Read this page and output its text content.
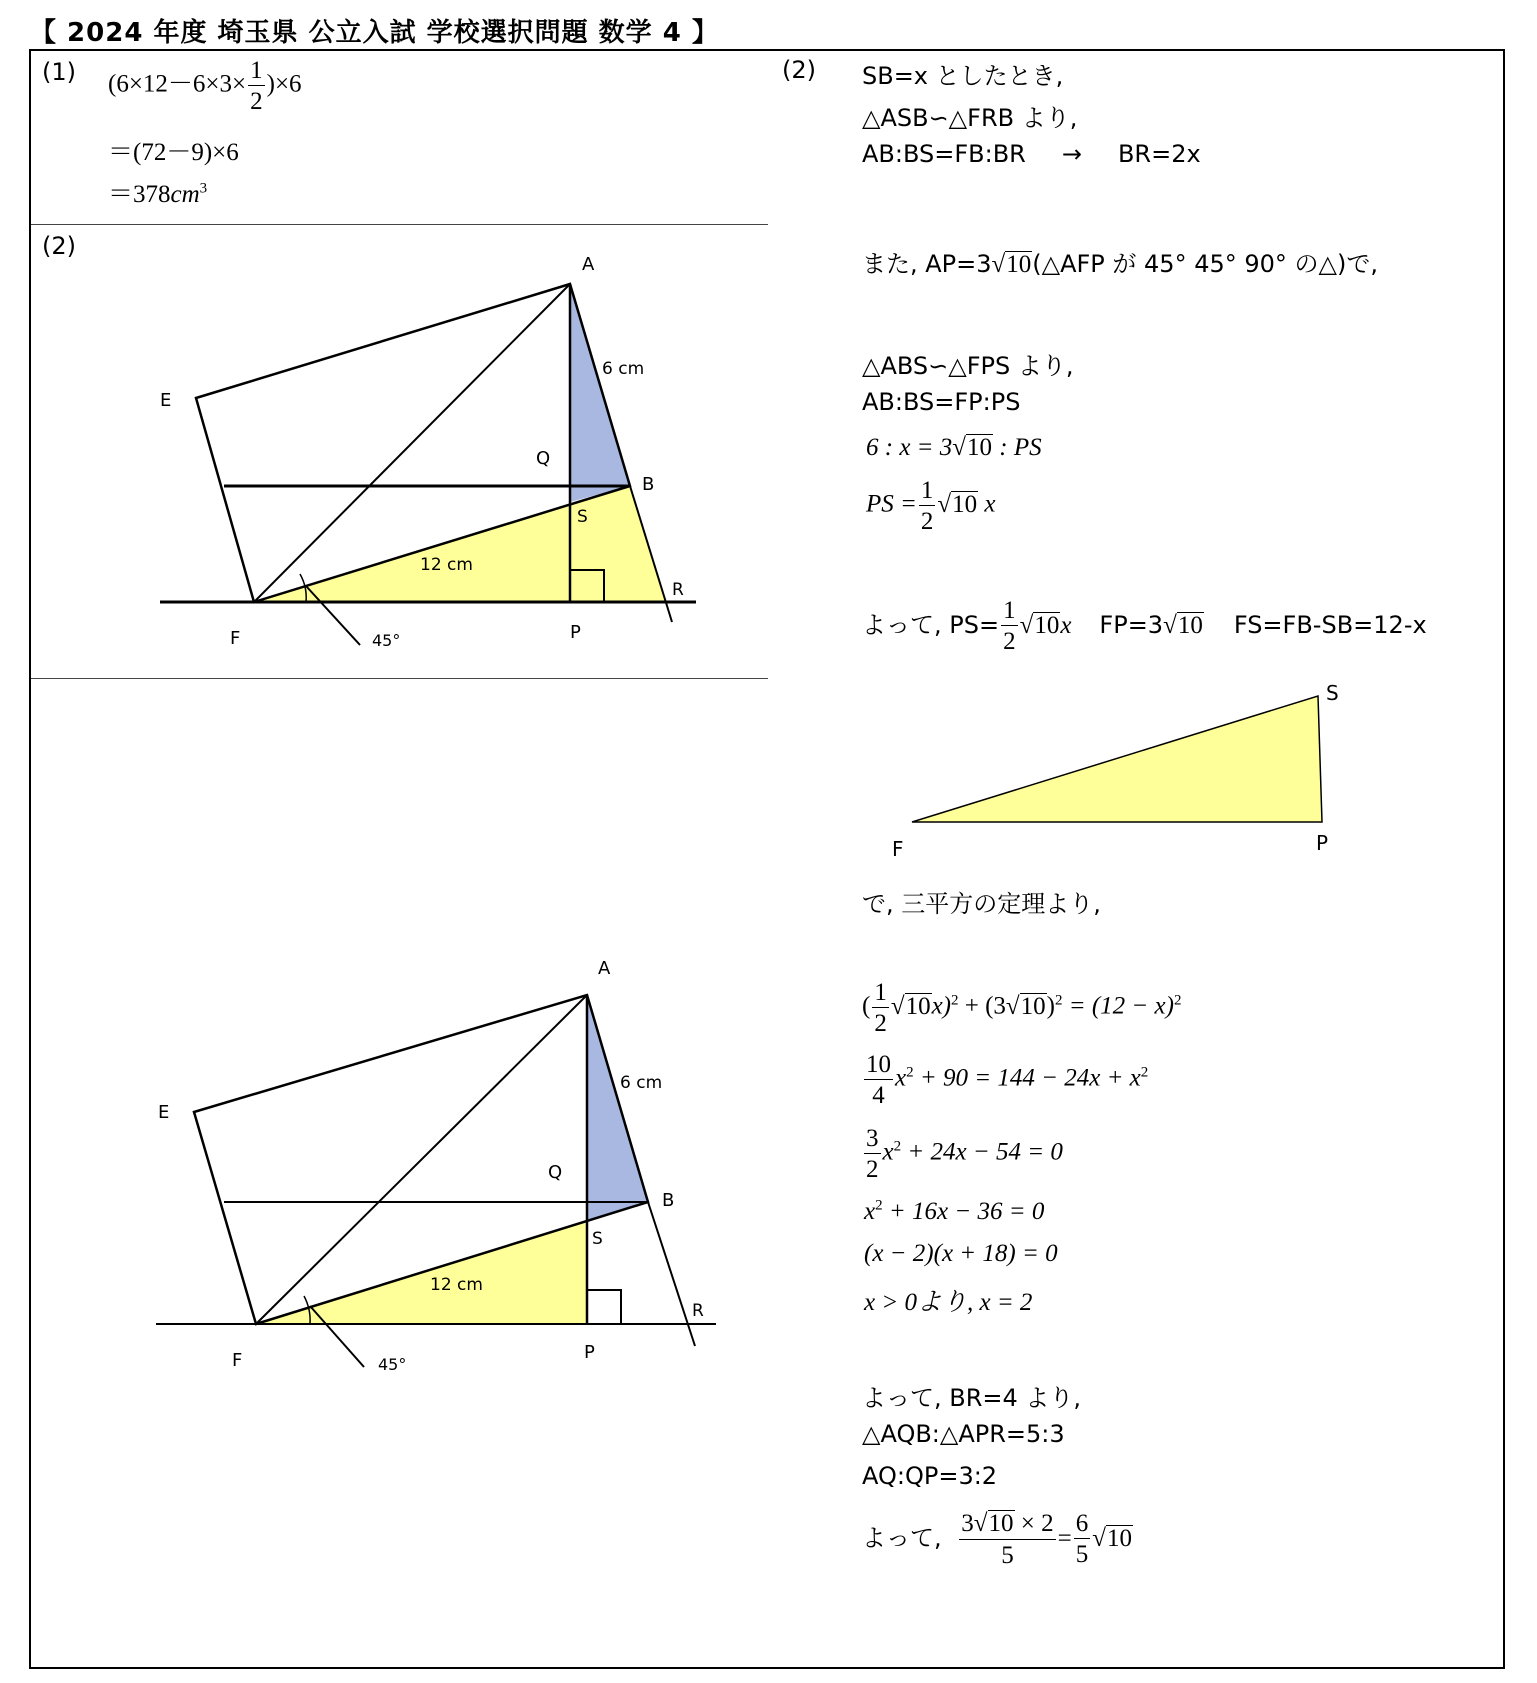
【 2024 年度 埼玉県 公立入試 学校選択問題 数学 4 】
(1) $(6\times 12-6\times 3\times \frac{1}{2} )\times 6$
＝(72－9)×6
$=378cm^3$
(2)
A
E
Q
B
S
R
F	P
6 cm
12 cm
45°
A
E
Q
B
S
R
F	P
6 cm
12 cm
45°
(2) SB=x としたとき,
△ASB∽△FRB より,
AB:BS=FB:BR → BR=2x
また, AP=3√10(△AFP が 45° 45° 90° の△)で,
△ABS∽△FPS より,
AB:BS=FP:PS
6 : x = 3√10 : PS
PS = $\frac{1}{2} √10$ x
よって, $PS= \frac{1}{2} √10x$ FP=3√10 FS=FB-SB=12-x
S
F	P
で, 三平方の定理より,
( $\frac{1}{2} √10x)^2 + (3√10)^2 = (12 - x)^2$
$\frac{10}{4} x^2 + 90 = 144 - 24x + x^2$
$\frac{3}{2} x^2 + 24x - 54 = 0$
$x^2 + 16x - 36 = 0$
(x − 2)(x + 18) = 0
x > 0より, x = 2
よって, BR=4 より,
△AQB:△APR=5:3
AQ:QP=3:2
よって, $\frac{3√10 \times 2}{5} = \frac{6}{5} √10$
